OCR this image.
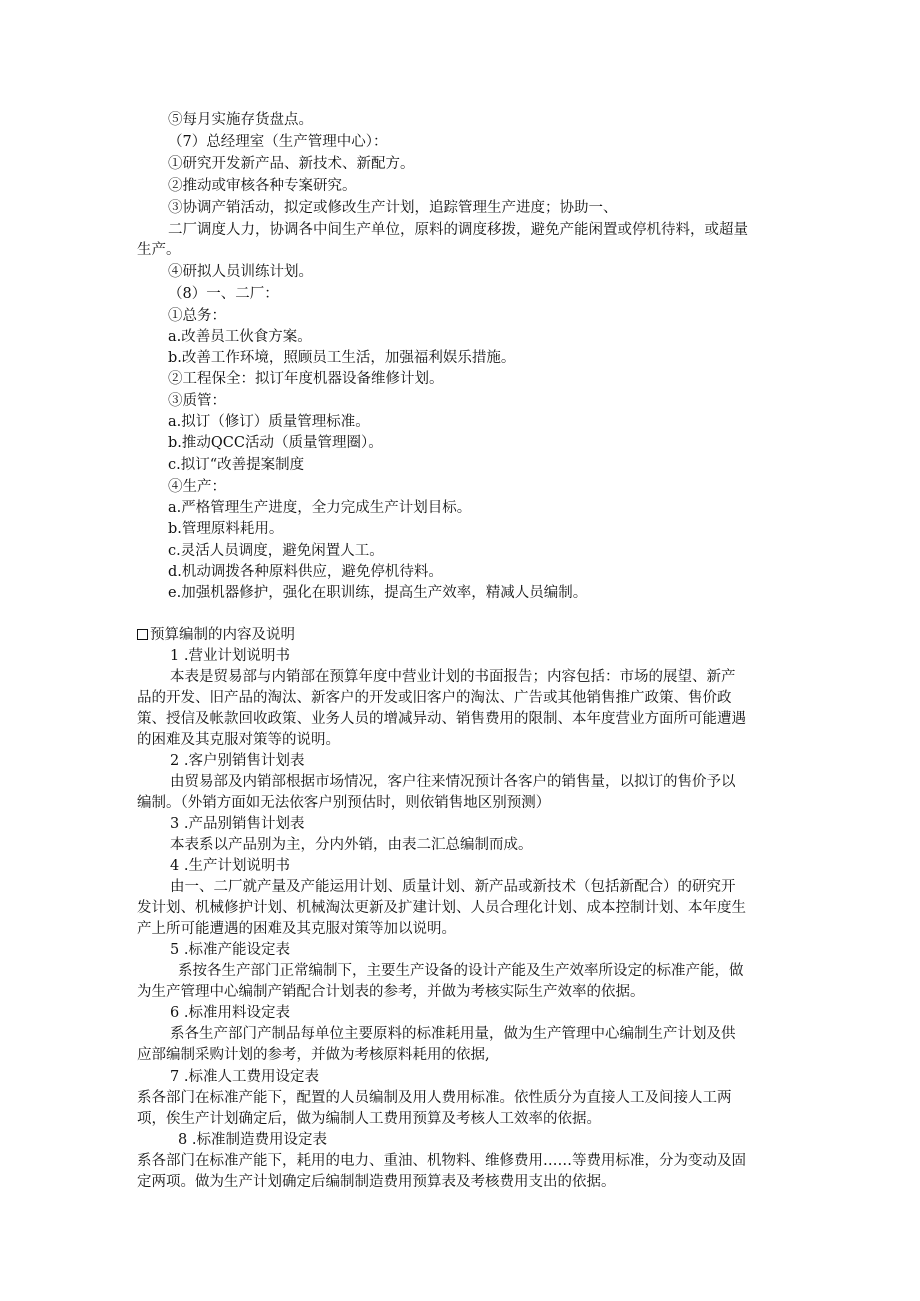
⑤每月实施存货盘点。
（7）总经理室（生产管理中心）：
①研究开发新产品、新技术、新配方。
②推动或审核各种专案研究。
③协调产销活动，拟定或修改生产计划，追踪管理生产进度；协助一、
二厂调度人力，协调各中间生产单位，原料的调度移拨，避免产能闲置或停机待料，或超量
生产。
④研拟人员训练计划。
（8）一、二厂：
①总务：
a.改善员工伙食方案。
b.改善工作环境，照顾员工生活，加强福利娱乐措施。
②工程保全：拟订年度机器设备维修计划。
③质管：
a.拟订（修订）质量管理标准。
b.推动QCC活动（质量管理圈）。
c.拟订“改善提案制度
④生产：
a.严格管理生产进度，全力完成生产计划目标。
b.管理原料耗用。
c.灵活人员调度，避免闲置人工。
d.机动调拨各种原料供应，避免停机待料。
e.加强机器修护，强化在职训练，提高生产效率，精减人员编制。
预算编制的内容及说明
1 .营业计划说明书
本表是贸易部与内销部在预算年度中营业计划的书面报告；内容包括：市场的展望、新产
品的开发、旧产品的淘汰、新客户的开发或旧客户的淘汰、广告或其他销售推广政策、售价政
策、授信及帐款回收政策、业务人员的增减异动、销售费用的限制、本年度营业方面所可能遭遇
的困难及其克服对策等的说明。
2 .客户别销售计划表
由贸易部及内销部根据市场情况，客户往来情况预计各客户的销售量，以拟订的售价予以
编制。（外销方面如无法依客户别预估时，则依销售地区别预测）
3 .产品别销售计划表
本表系以产品别为主，分内外销，由表二汇总编制而成。
4 .生产计划说明书
由一、二厂就产量及产能运用计划、质量计划、新产品或新技术（包括新配合）的研究开
发计划、机械修护计划、机械淘汰更新及扩建计划、人员合理化计划、成本控制计划、本年度生
产上所可能遭遇的困难及其克服对策等加以说明。
5 .标准产能设定表
系按各生产部门正常编制下，主要生产设备的设计产能及生产效率所设定的标准产能，做
为生产管理中心编制产销配合计划表的参考，并做为考核实际生产效率的依据。
6 .标准用料设定表
系各生产部门产制品每单位主要原料的标准耗用量，做为生产管理中心编制生产计划及供
应部编制采购计划的参考，并做为考核原料耗用的依据,
7 .标准人工费用设定表
系各部门在标准产能下，配置的人员编制及用人费用标准。依性质分为直接人工及间接人工两
项，俟生产计划确定后，做为编制人工费用预算及考核人工效率的依据。
8 .标准制造费用设定表
系各部门在标准产能下，耗用的电力、重油、机物料、维修费用……等费用标准，分为变动及固
定两项。做为生产计划确定后编制制造费用预算表及考核费用支出的依据。
